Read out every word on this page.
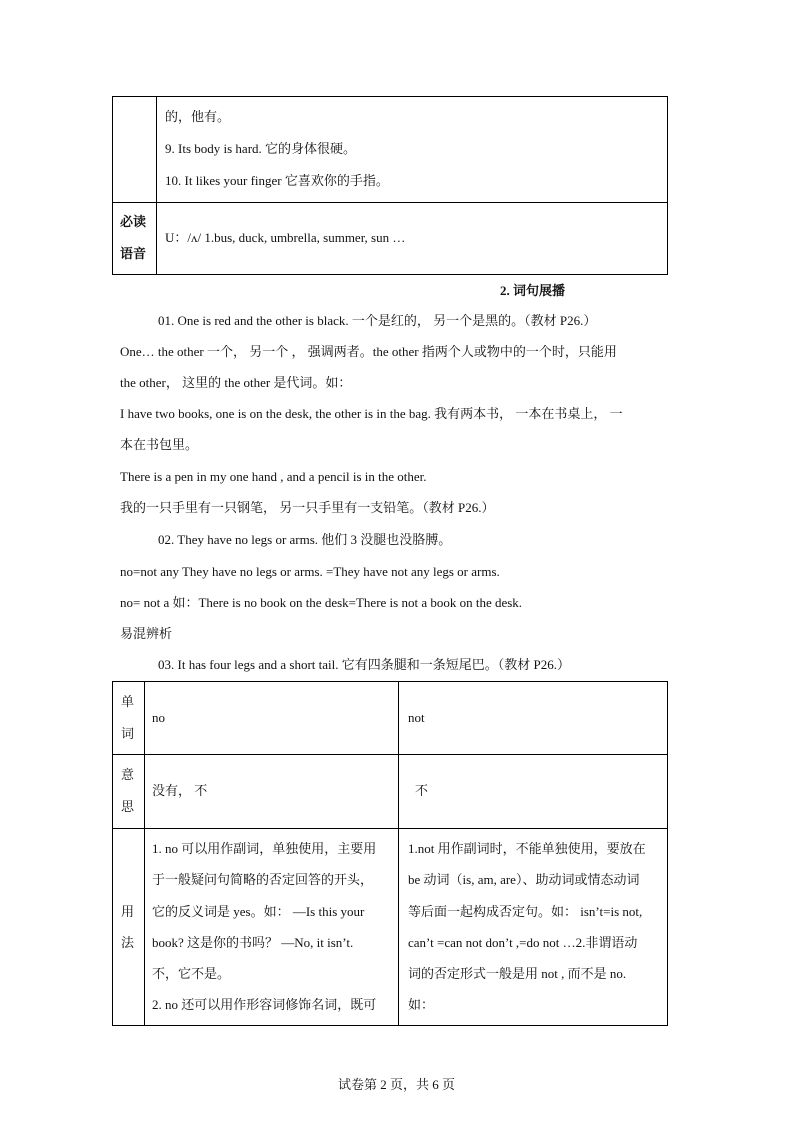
的，他有。
9. Its body is hard. 它的身体很硬。
10. It likes your finger 它喜欢你的手指。
必读
语音
U：/ʌ/ 1.bus, duck, umbrella, summer, sun …
2. 词句展播
01. One is red and the other is black. 一个是红的， 另一个是黑的。（教材 P26.）
One… the other 一个， 另一个 ， 强调两者。the other 指两个人或物中的一个时，只能用
the other， 这里的 the other 是代词。如：
I have two books, one is on the desk, the other is in the bag. 我有两本书， 一本在书桌上， 一
本在书包里。
There is a pen in my one hand , and a pencil is in the other.
我的一只手里有一只钢笔， 另一只手里有一支铅笔。（教材 P26.）
02. They have no legs or arms. 他们 3 没腿也没胳膊。
no=not any They have no legs or arms. =They have not any legs or arms.
no= not a 如：There is no book on the desk=There is not a book on the desk.
易混辨析
03. It has four legs and a short tail. 它有四条腿和一条短尾巴。（教材 P26.）
单
词
no	not
意
思
没有， 不	不
用
法
1. no 可以用作副词，单独使用，主要用
于一般疑问句简略的否定回答的开头，
它的反义词是 yes。如： —Is this your
book? 这是你的书吗？ —No, it isn’t.
不，它不是。
2. no 还可以用作形容词修饰名词，既可
1.not 用作副词时，不能单独使用，要放在
be 动词（is, am, are）、助动词或情态动词
等后面一起构成否定句。如： isn’t=is not,
can’t =can not don’t ,=do not …2.非谓语动
词的否定形式一般是用 not , 而不是 no.
如：
试卷第 2 页，共 6 页
